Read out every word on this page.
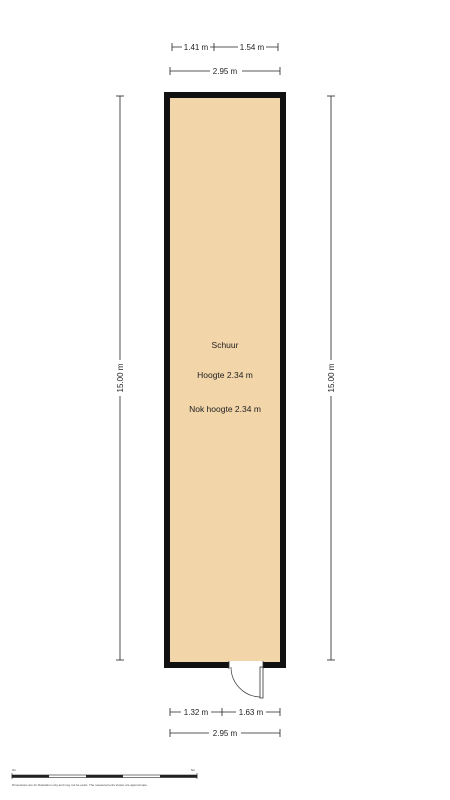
1.41 m	1.54 m
2.95 m
15.00 m	15.00 m
Schuur
Hoogte 2.34 m
Nok hoogte 2.34 m
1.32 m	1.63 m
2.95 m
0m	5m
Dimensions are for illustration only and may not be exact. The measurements shown are approximate.
